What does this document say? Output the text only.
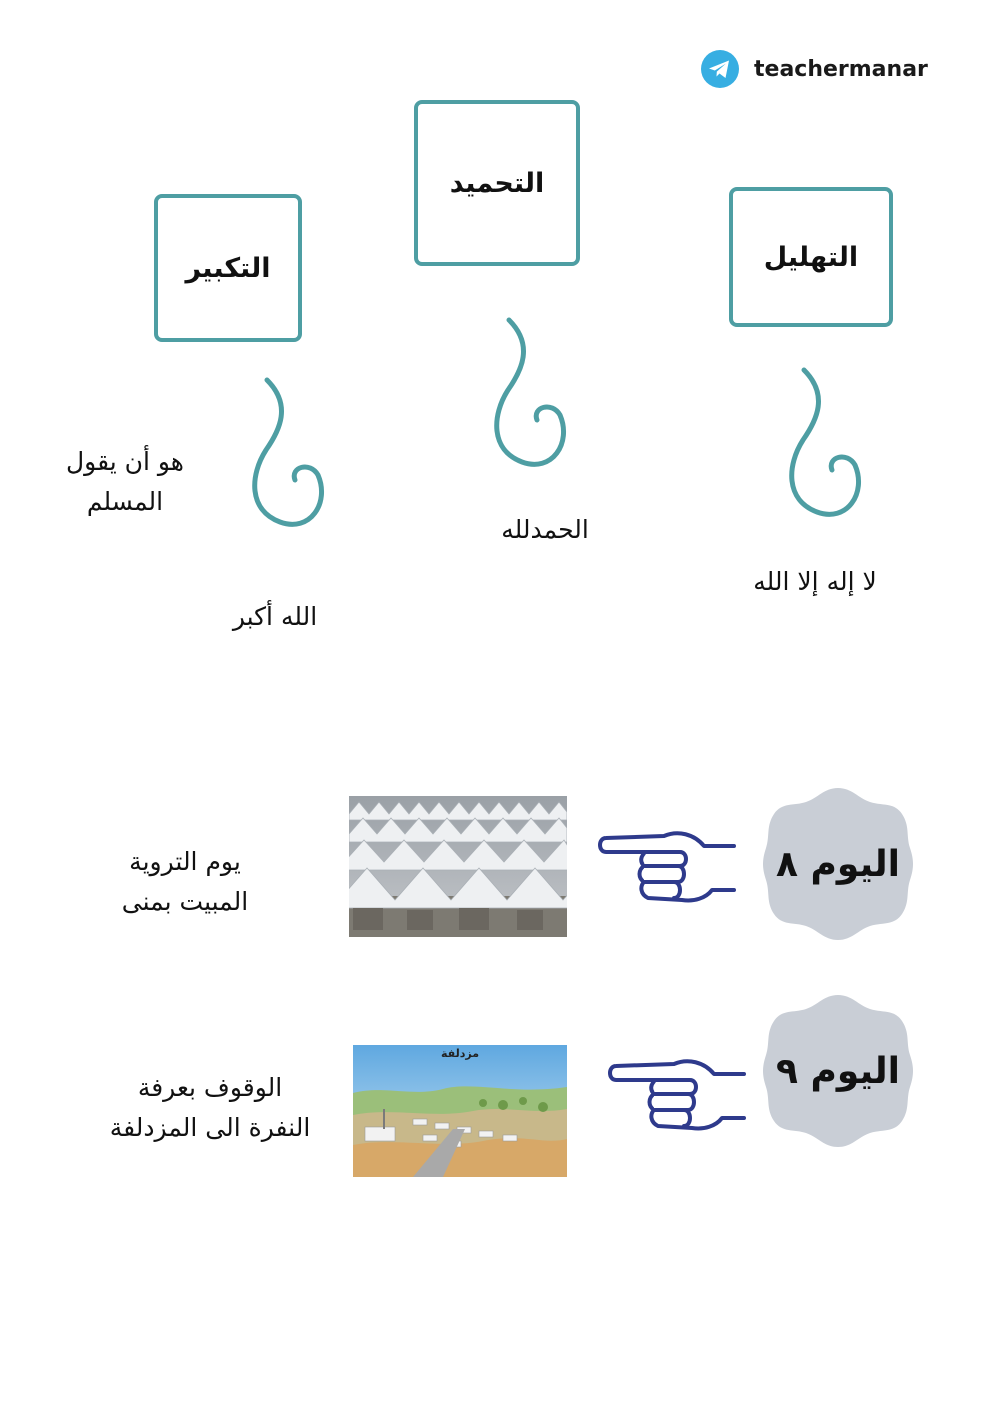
teachermanar
التكبير
التحميد
التهليل
هو أن يقول
المسلم
الله أكبر
الحمدلله
لا إله إلا الله
اليوم ٨
يوم التروية
المبيت بمنى
اليوم ٩
مزدلفة
الوقوف بعرفة
النفرة الى المزدلفة
